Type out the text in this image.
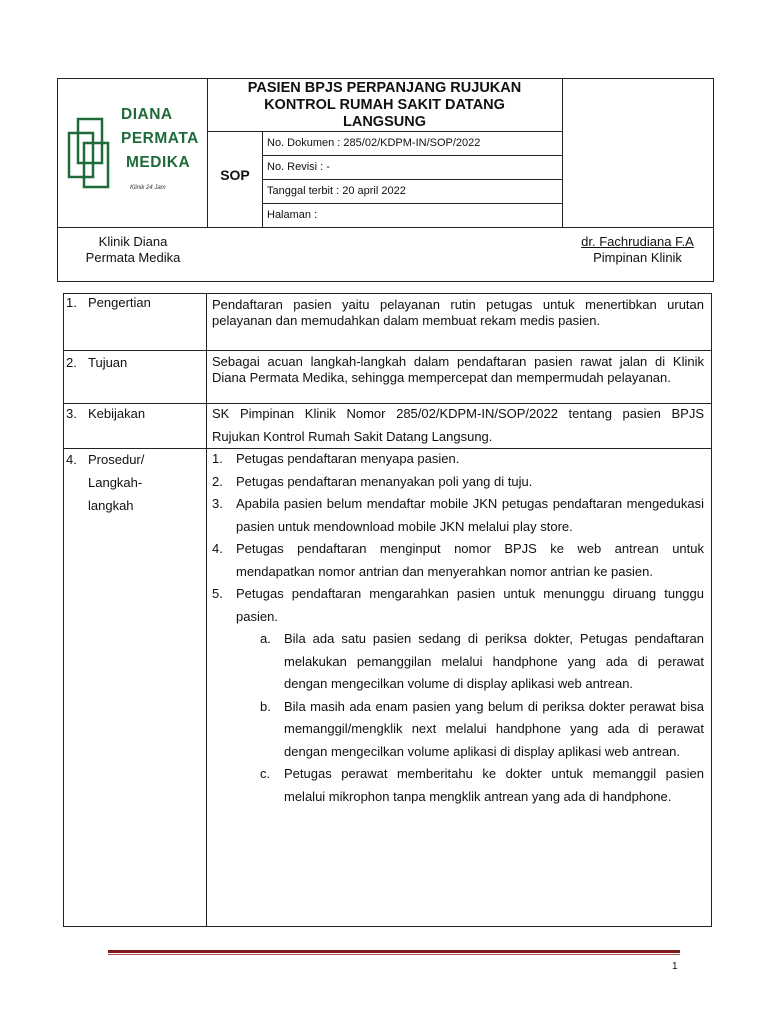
DIANA
PERMATA
MEDIKA
Klinik 24 Jam
PASIEN BPJS PERPANJANG RUJUKAN
KONTROL RUMAH SAKIT DATANG
LANGSUNG
SOP
No. Dokumen : 285/02/KDPM-IN/SOP/2022
No. Revisi : -
Tanggal terbit : 20 april 2022
Halaman :
Klinik Diana
Permata Medika
dr. Fachrudiana F.A
Pimpinan Klinik
1. Pengertian	Pendaftaran pasien yaitu pelayanan rutin petugas untuk menertibkan urutan pelayanan dan memudahkan dalam membuat rekam medis pasien.
2. Tujuan	Sebagai acuan langkah-langkah dalam pendaftaran pasien rawat jalan di Klinik Diana Permata Medika, sehingga mempercepat dan mempermudah pelayanan.
3. Kebijakan	SK Pimpinan Klinik Nomor 285/02/KDPM-IN/SOP/2022 tentang pasien BPJS Rujukan Kontrol Rumah Sakit Datang Langsung.
4. Prosedur/
Langkah-
langkah
1.	Petugas pendaftaran menyapa pasien.
2.	Petugas pendaftaran menanyakan poli yang di tuju.
3.	Apabila pasien belum mendaftar mobile JKN petugas pendaftaran mengedukasi pasien untuk mendownload mobile JKN melalui play store.
4.	Petugas pendaftaran menginput nomor BPJS ke web antrean untuk mendapatkan nomor antrian dan menyerahkan nomor antrian ke pasien.
5.	Petugas pendaftaran mengarahkan pasien untuk menunggu diruang tunggu pasien.
a.	Bila ada satu pasien sedang di periksa dokter, Petugas pendaftaran melakukan pemanggilan melalui handphone yang ada di perawat dengan mengecilkan volume di display aplikasi web antrean.
b.	Bila masih ada enam pasien yang belum di periksa dokter perawat bisa memanggil/mengklik next melalui handphone yang ada di perawat dengan mengecilkan volume aplikasi di display aplikasi web antrean.
c.	Petugas perawat memberitahu ke dokter untuk memanggil pasien melalui mikrophon tanpa mengklik antrean yang ada di handphone.
1
